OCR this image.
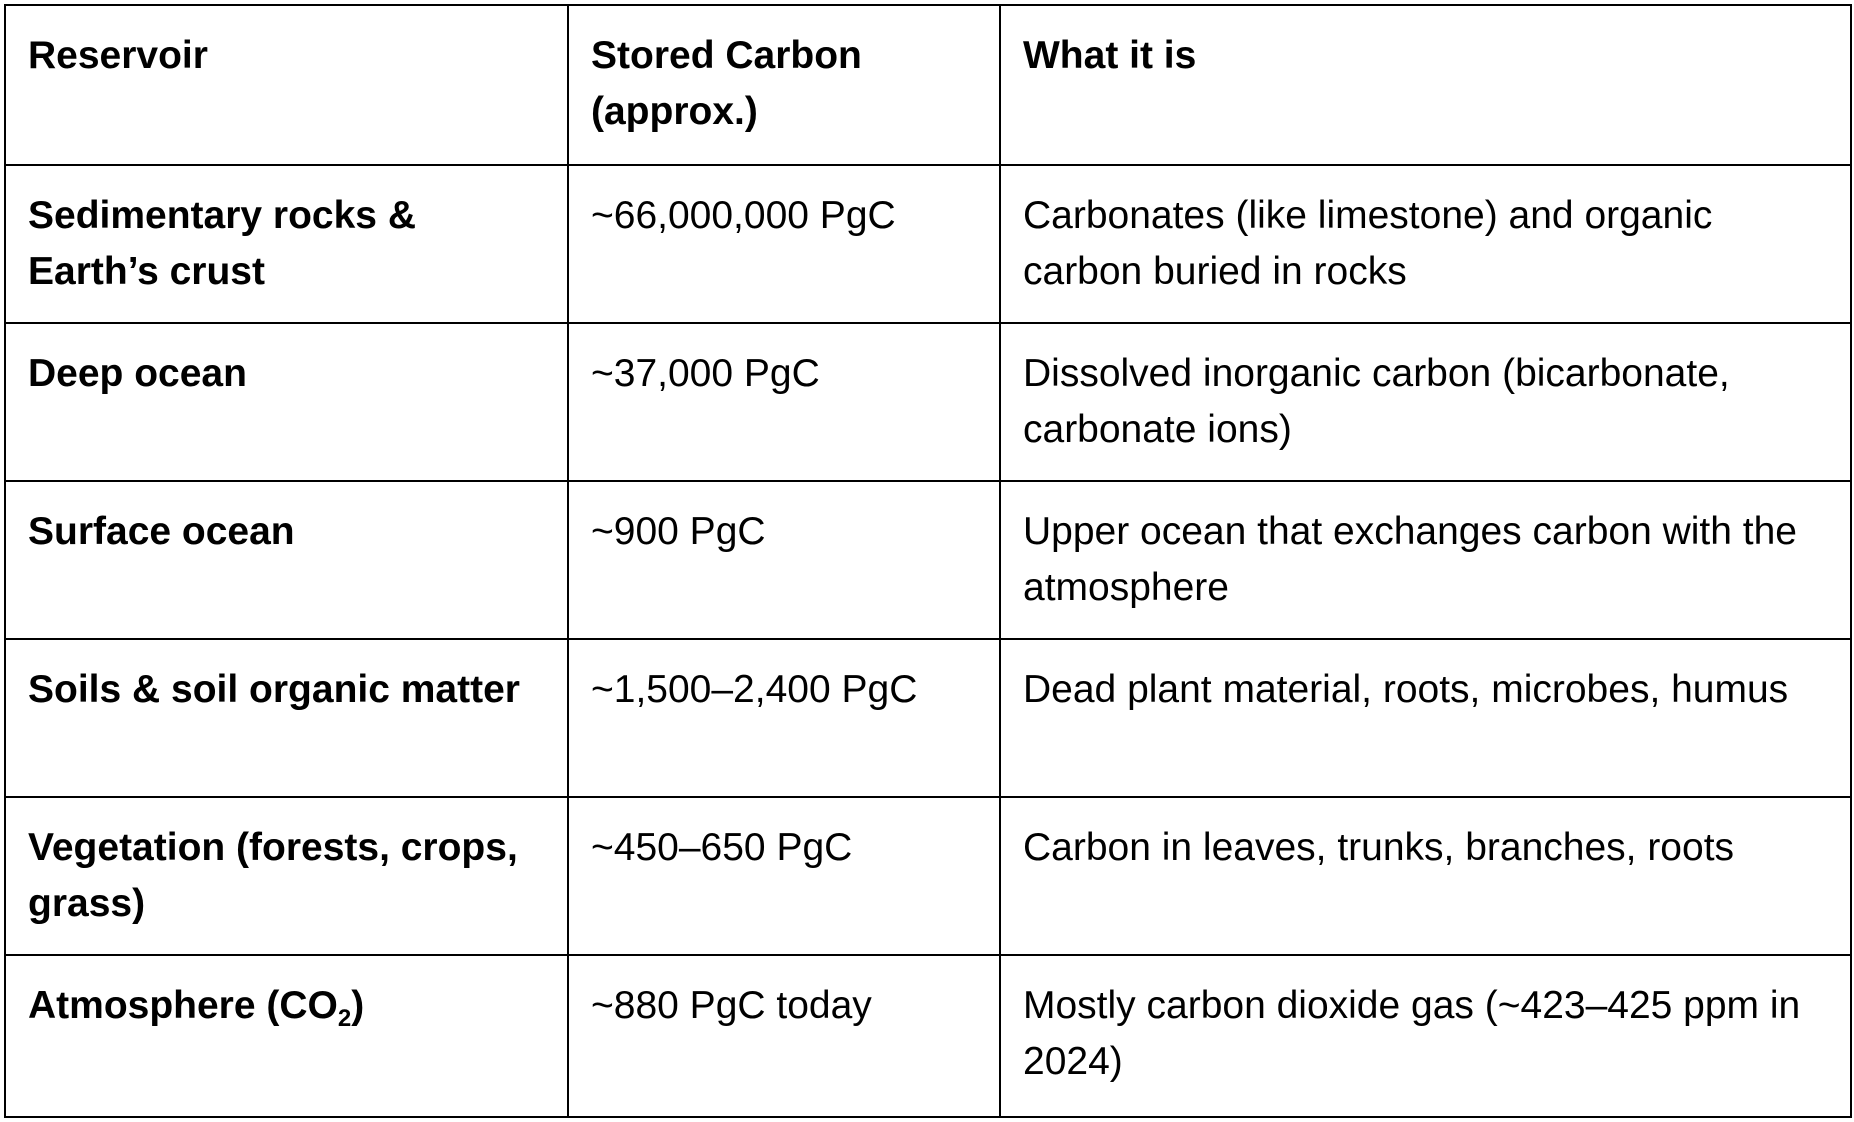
Reservoir	Stored Carbon (approx.)	What it is
Sedimentary rocks & Earth’s crust	~66,000,000 PgC	Carbonates (like limestone) and organic carbon buried in rocks
Deep ocean	~37,000 PgC	Dissolved inorganic carbon (bicarbonate, carbonate ions)
Surface ocean	~900 PgC	Upper ocean that exchanges carbon with the atmosphere
Soils & soil organic matter	~1,500–2,400 PgC	Dead plant material, roots, microbes, humus
Vegetation (forests, crops, grass)	~450–650 PgC	Carbon in leaves, trunks, branches, roots
Atmosphere $(CO_2)$	~880 PgC today	Mostly carbon dioxide gas (~423–425 ppm in 2024)
